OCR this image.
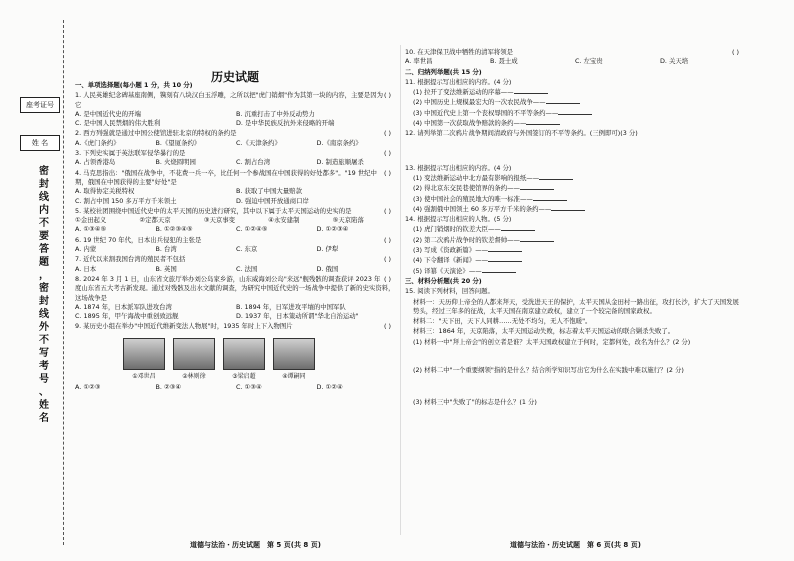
座考证号
姓 名
密
封
线
内
不
要
答
题
，
密
封
线
外
不
写
考
号
、
姓
名
历史试题
一、单项选择题(每小题 1 分，共 10 分)
( )
1. 人民英雄纪念碑基座南侧，镌刻有八块汉白玉浮雕，之所以把"虎门销烟"作为其第一块的内容，主要是因为它
A. 是中国近代史的开端	B. 沉重打击了中外反动势力
C. 是中国人民禁烟的伟大胜利	D. 是中华民族反抗外来侵略的开端
( )
2. 西方列强就是通过中国公使馆进驻北京的特权的条约是
A.《虎门条约》	B.《望厦条约》	C.《天津条约》	D.《南京条约》
( )
3. 下列史实属于英法联军侵华暴行的是
A. 占领香港岛	B. 火烧圆明园	C. 割占台湾	D. 制造旅顺屠杀
( )
4. 马克思指出："俄国在战争中，不花费一兵一卒，比任何一个参战国在中国获得的好处都多"。"19 世纪中期，俄国在中国获得的主要"好处"是
A. 取得协定关税特权	B. 获取了中国大量赔款
C. 割占中国 150 多万平方千米领土	D. 强迫中国开放通商口岸
( )
5. 某校社团围绕中国近代史中的太平天国的历史进行研究，其中以下属于太平天国运动的史实的是
①金田起义	②定都天京	③天京事变	④永安建制	⑤天京陷落
A. ①③④⑤	B. ①②③④⑤	C. ①②④⑤	D. ①②③④
( )
6. 19 世纪 70 年代，日本出兵侵犯的主张是
A. 内蒙	B. 台湾	C. 东京	D. 伊犁
( )
7. 近代以来割我国台湾的殖民者不包括
A. 日本	B. 英国	C. 法国	D. 俄国
( )
8. 2024 年 3 月 1 日，山东省文旅厅举办刘公岛家乡游，山东威海刘公岛"来远"舰残骸的调查获评 2023 年度山东省五大考古新发现。通过对残骸及出水文献的调查，为研究中国近代史的一场战争中提供了新的史实资料，这场战争是
A. 1874 年，日本派军队进攻台湾	B. 1894 年，日军进攻平壤的中国军队
C. 1895 年，甲午海战中重创致远舰	D. 1937 年，日本策动所谓"华北自治运动"
( )
9. 某历史小组在举办"中国近代维新变法人物展"时，1935 年时上下入物图片
①邓世昌	②林则徐	③梁启超	④谭嗣同
A. ①②③	B. ②③④	C. ①③④	D. ①②④
( )
10. 在天津保卫战中牺牲的清军将领是
A. 率世昌	B. 聂士成	C. 左宝贵	D. 关天培
二、归纳列举题(共 15 分)
11. 根据提示写出相应的内容。(4 分)
(1) 拉开了变法维新运动的序幕——
(2) 中国历史上规模最宏大的一次农民战争——
(3) 中国近代史上第一个丧权辱国的不平等条约——
(4) 中国第一次获取战争赔款的条约——
12. 请列举第二次鸦片战争期间清政府与外国签订的不平等条约。(三例即可)(3 分)
13. 根据提示写出相应的内容。(4 分)
(1) 变法维新运动中北方最有影响的报纸——
(2) 得北京东交民巷使馆界的条约——
(3) 使中国社会的殖民地大的唯一标准——
(4) 强割俄中国领土 60 多万平方千米的条约——
14. 根据提示写出相应的人物。(5 分)
(1) 虎门销烟时的钦差大臣——
(2) 第二次鸦片战争时的钦差督帅——
(3) 写成《资政新篇》——
(4) 下令翻译《新闻》——
(5) 译纂《天演论》——
三、材料分析题(共 20 分)
15. 阅读下列材料，回答问题。
材料一：天历仰上帝全的人都来拜天，受洗进天王的保护，太平天国从金田村一路出征，攻打长沙，扩大了天国发展势头，经过三年多的征战，太平天国在南京建立政权，建立了一个较完备的国家政权。
材料二："天下田，天下人同耕……无处不均匀，无人不饱暖"。
材料三：1864 年，天京陷落，太平天国运动失败，标志着太平天国运动的联合剿杀失败了。
(1) 材料一中"拜上帝会"的创立者是谁？太平天国政权建立于何时，定都何处，改名为什么？(2 分)
(2) 材料二中"一个重要纲领"指的是什么？结合所学知识写出它为什么在实践中难以施行？(2 分)
(3) 材料三中"失败了"的标志是什么？(1 分)
道德与法治・历史试题　第 5 页(共 8 页)	道德与法治・历史试题　第 6 页(共 8 页)
